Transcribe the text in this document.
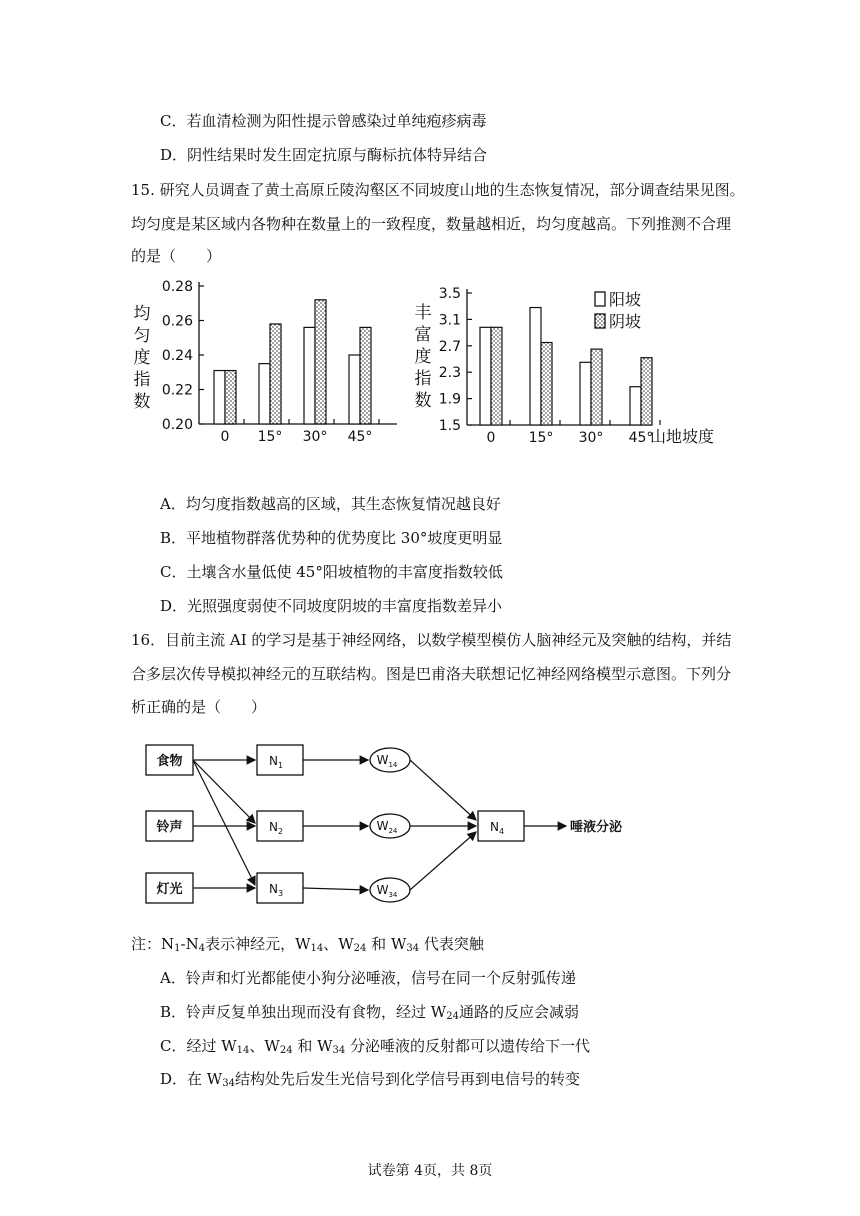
C．若血清检测为阳性提示曾感染过单纯疱疹病毒
D．阴性结果时发生固定抗原与酶标抗体特异结合
15. 研究人员调查了黄土高原丘陵沟壑区不同坡度山地的生态恢复情况，部分调查结果见图。
均匀度是某区域内各物种在数量上的一致程度，数量越相近，均匀度越高。下列推测不合理
的是（　　）
均
匀
度
指
数
0.20
0.22
0.24
0.26
0.28
0 15° 30° 45°
丰
富
度
指
数
1.5
1.9
2.3
2.7
3.1
3.5
0 15° 30° 45°
山地坡度
阳坡
阴坡
A．均匀度指数越高的区域，其生态恢复情况越良好
B．平地植物群落优势种的优势度比 30°坡度更明显
C．土壤含水量低使 45°阳坡植物的丰富度指数较低
D．光照强度弱使不同坡度阴坡的丰富度指数差异小
16．目前主流 AI 的学习是基于神经网络，以数学模型模仿人脑神经元及突触的结构，并结
合多层次传导模拟神经元的互联结构。图是巴甫洛夫联想记忆神经网络模型示意图。下列分
析正确的是（　　）
食物
铃声
灯光
$N_1$
$N_2$
$N_3$
$N_4$
$W_{14}$
$W_{24}$
$W_{34}$
唾液分泌
注：$N_1-N_4$表示神经元，$W_{14}$、$W_{24}$ 和 $W_{34}$ 代表突触
A．铃声和灯光都能使小狗分泌唾液，信号在同一个反射弧传递
B．铃声反复单独出现而没有食物，经过 $W_{24}$通路的反应会减弱
C．经过 $W_{14}$、$W_{24}$ 和 $W_{34}$ 分泌唾液的反射都可以遗传给下一代
D．在 $W_{34}$结构处先后发生光信号到化学信号再到电信号的转变
试卷第 4页，共 8页
